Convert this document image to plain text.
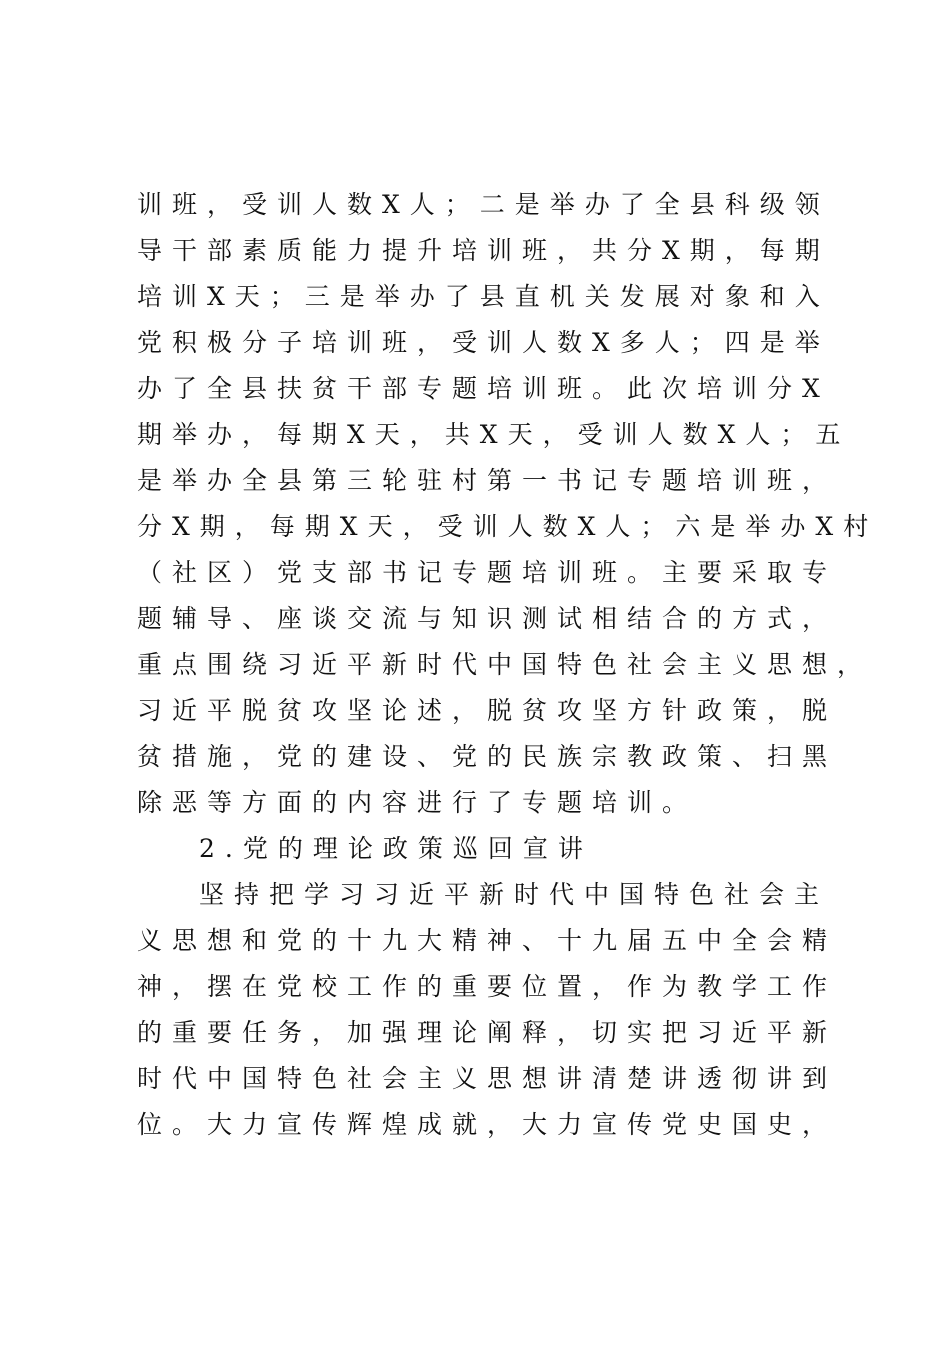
训班，受训人数X人；二是举办了全县科级领
导干部素质能力提升培训班，共分X期，每期
培训X天；三是举办了县直机关发展对象和入
党积极分子培训班，受训人数X多人；四是举
办了全县扶贫干部专题培训班。此次培训分X
期举办，每期X天，共X天，受训人数X人；五
是举办全县第三轮驻村第一书记专题培训班，
分X期，每期X天，受训人数X人；六是举办X村
（社区）党支部书记专题培训班。主要采取专
题辅导、座谈交流与知识测试相结合的方式，
重点围绕习近平新时代中国特色社会主义思想，
习近平脱贫攻坚论述，脱贫攻坚方针政策，脱
贫措施，党的建设、党的民族宗教政策、扫黑
除恶等方面的内容进行了专题培训。
2.党的理论政策巡回宣讲
坚持把学习习近平新时代中国特色社会主
义思想和党的十九大精神、十九届五中全会精
神，摆在党校工作的重要位置，作为教学工作
的重要任务，加强理论阐释，切实把习近平新
时代中国特色社会主义思想讲清楚讲透彻讲到
位。大力宣传辉煌成就，大力宣传党史国史，
